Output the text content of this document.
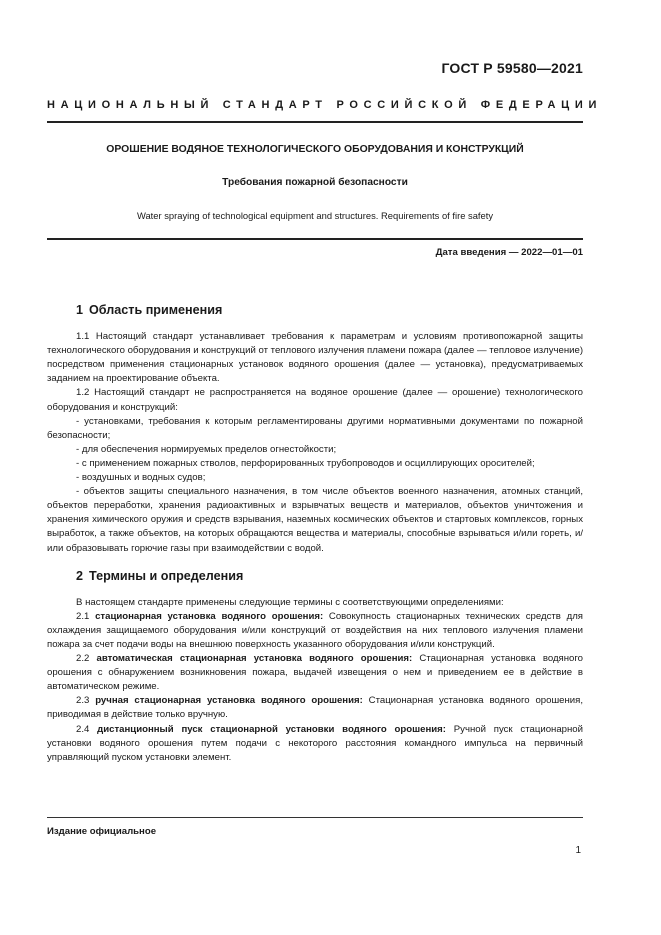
ГОСТ Р 59580—2021
НАЦИОНАЛЬНЫЙ СТАНДАРТ РОССИЙСКОЙ ФЕДЕРАЦИИ
ОРОШЕНИЕ ВОДЯНОЕ ТЕХНОЛОГИЧЕСКОГО ОБОРУДОВАНИЯ И КОНСТРУКЦИЙ
Требования пожарной безопасности
Water spraying of technological equipment and structures. Requirements of fire safety
Дата введения — 2022—01—01
1 Область применения

1.1 Настоящий стандарт устанавливает требования к параметрам и условиям противопожарной защиты технологического оборудования и конструкций от теплового излучения пламени пожара (далее — тепловое излучение) посредством применения стационарных установок водяного орошения (далее — установка), предусматриваемых заданием на проектирование объекта.

1.2 Настоящий стандарт не распространяется на водяное орошение (далее — орошение) технологического оборудования и конструкций:

- установками, требования к которым регламентированы другими нормативными документами по пожарной безопасности;

- для обеспечения нормируемых пределов огнестойкости;

- с применением пожарных стволов, перфорированных трубопроводов и осциллирующих оросителей;

- воздушных и водных судов;

- объектов защиты специального назначения, в том числе объектов военного назначения, атомных станций, объектов переработки, хранения радиоактивных и взрывчатых веществ и материалов, объектов уничтожения и хранения химического оружия и средств взрывания, наземных космических объектов и стартовых комплексов, горных выработок, а также объектов, на которых обращаются вещества и материалы, способные взрываться и/или гореть, и/или образовывать горючие газы при взаимодействии с водой.

2 Термины и определения

В настоящем стандарте применены следующие термины с соответствующими определениями:

2.1 стационарная установка водяного орошения: Совокупность стационарных технических средств для охлаждения защищаемого оборудования и/или конструкций от воздействия на них теплового излучения пламени пожара за счет подачи воды на внешнюю поверхность указанного оборудования и/или конструкций.

2.2 автоматическая стационарная установка водяного орошения: Стационарная установка водяного орошения с обнаружением возникновения пожара, выдачей извещения о нем и приведением ее в действие в автоматическом режиме.

2.3 ручная стационарная установка водяного орошения: Стационарная установка водяного орошения, приводимая в действие только вручную.

2.4 дистанционный пуск стационарной установки водяного орошения: Ручной пуск стационарной установки водяного орошения путем подачи с некоторого расстояния командного импульса на первичный управляющий пуском установки элемент.

Издание официальное
1
